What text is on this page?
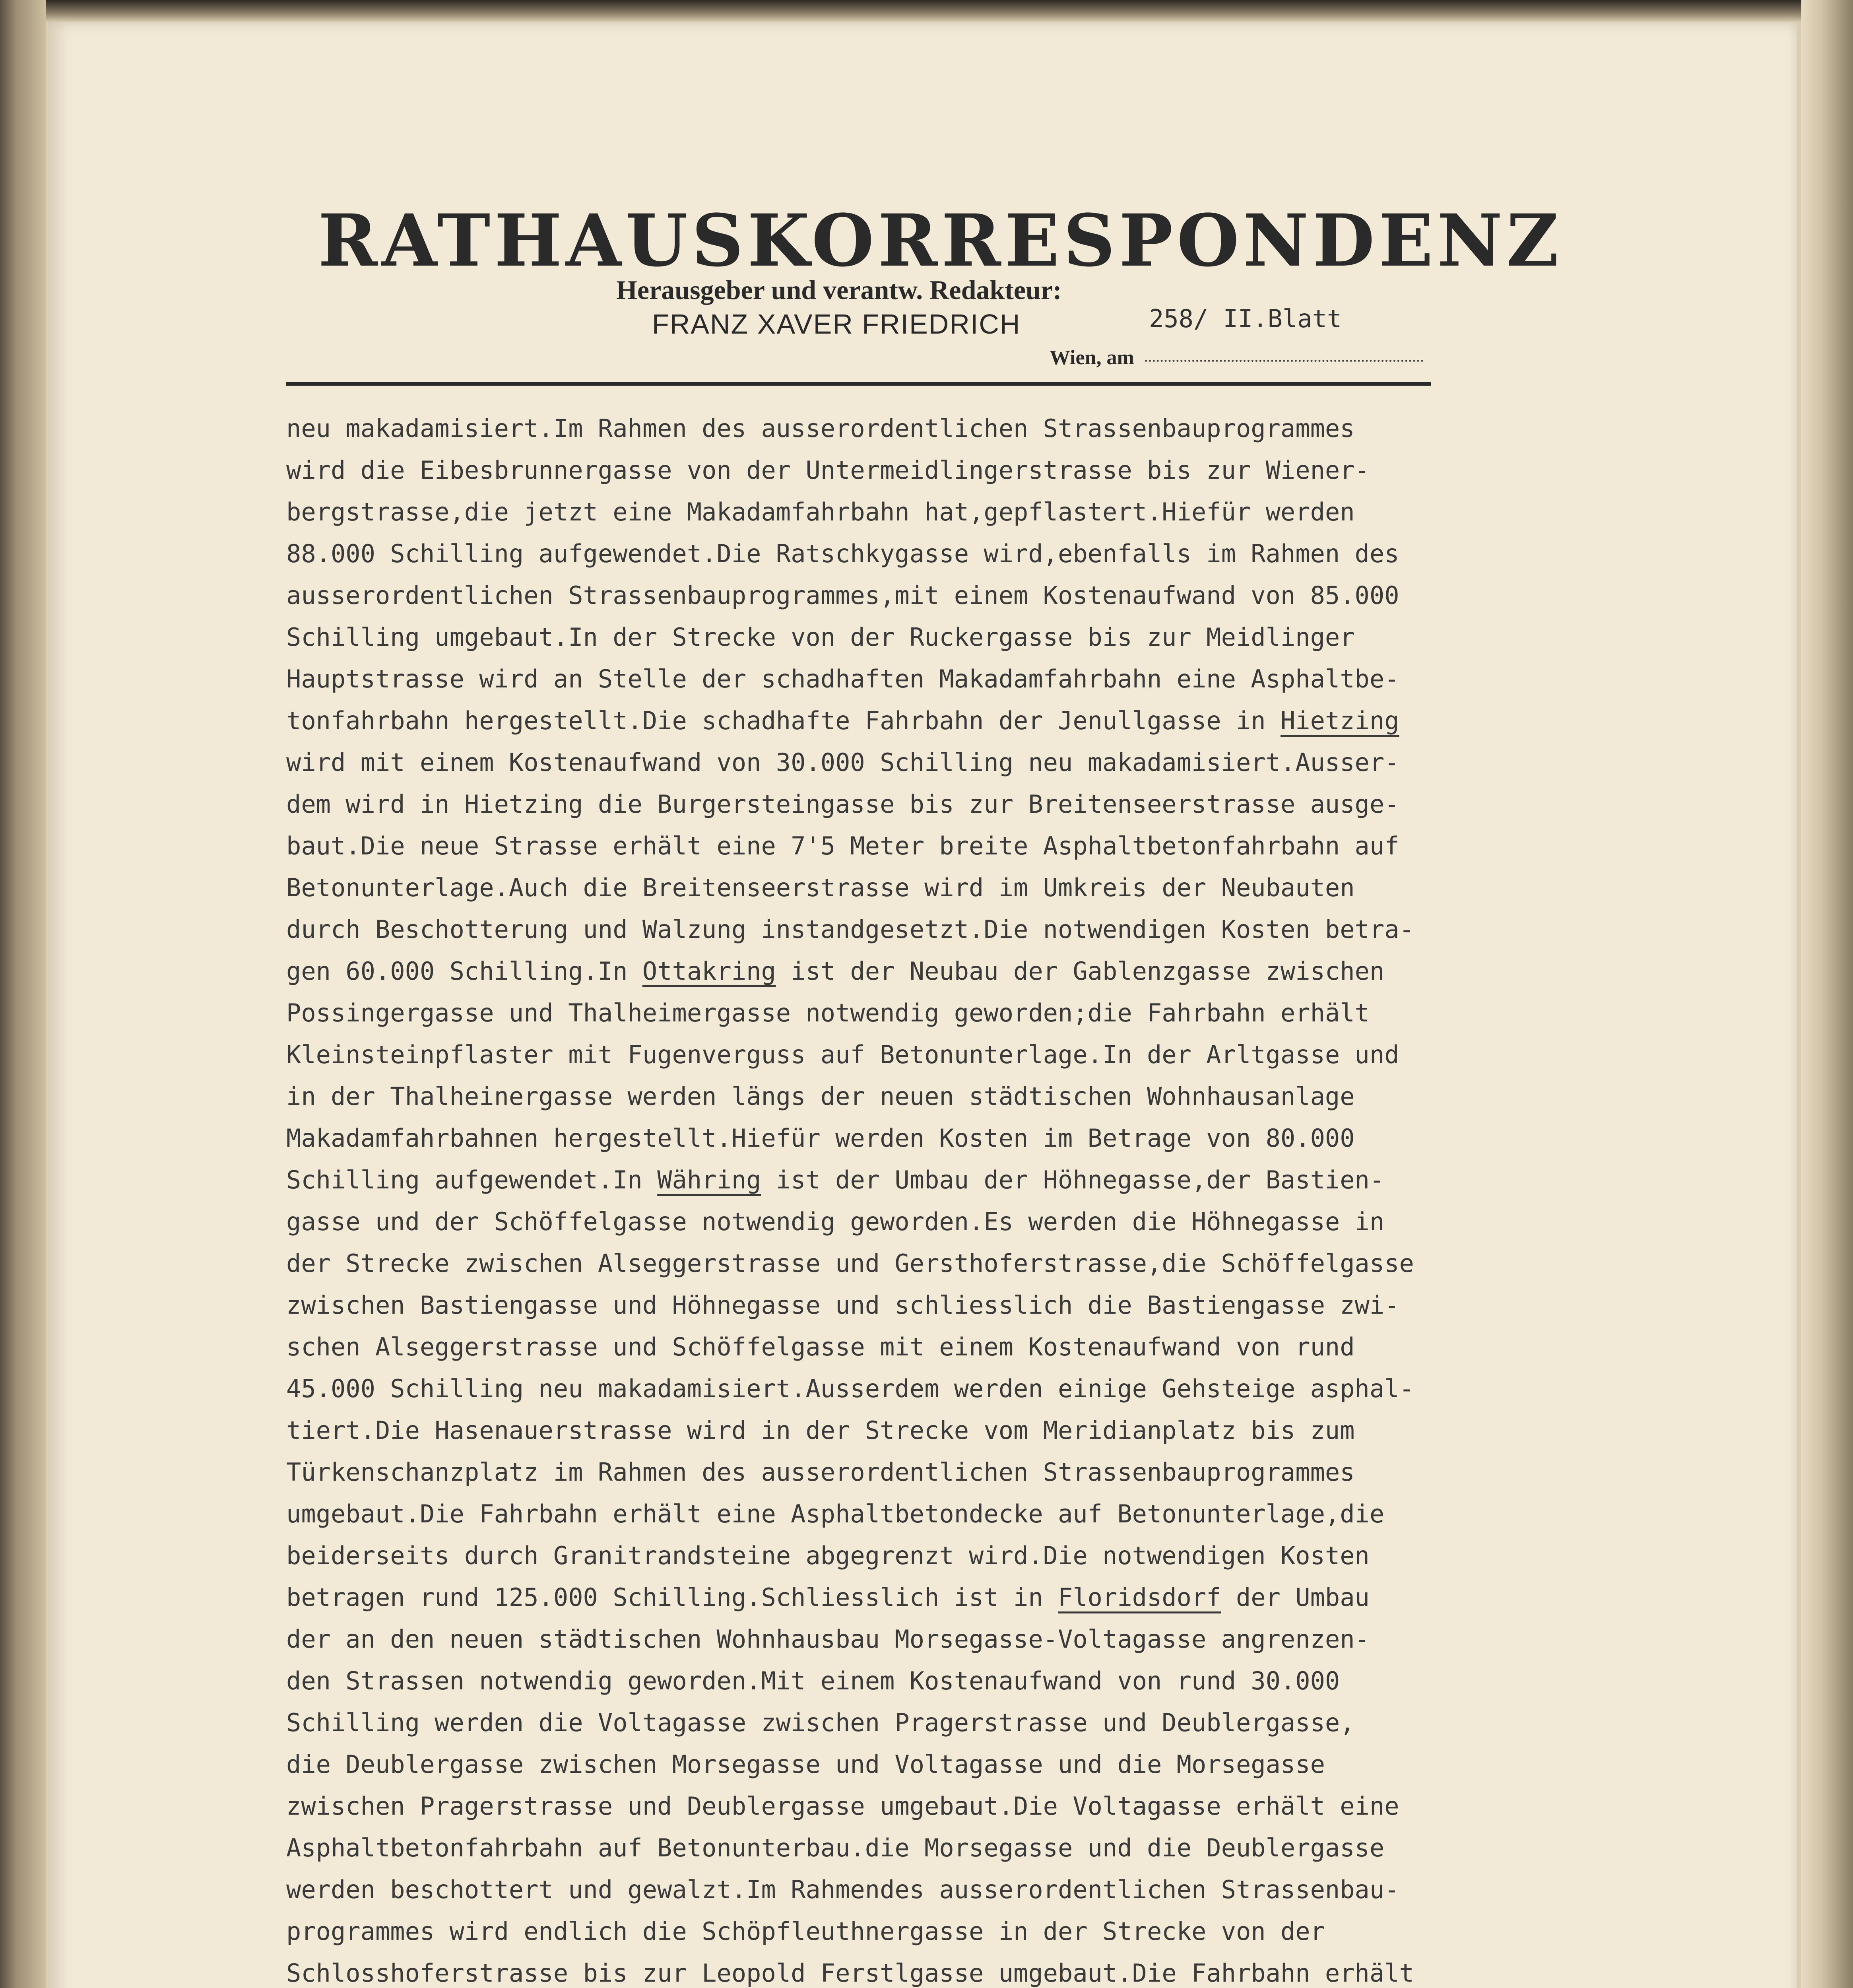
RATHAUSKORRESPONDENZ
Herausgeber und verantw. Redakteur:
FRANZ XAVER FRIEDRICH	258/ II.Blatt
Wien, am
neu makadamisiert.Im Rahmen des ausserordentlichen Strassenbauprogrammes
wird die Eibesbrunnergasse von der Untermeidlingerstrasse bis zur Wiener-
bergstrasse,die jetzt eine Makadamfahrbahn hat,gepflastert.Hiefür werden
88.000 Schilling aufgewendet.Die Ratschkygasse wird,ebenfalls im Rahmen des
ausserordentlichen Strassenbauprogrammes,mit einem Kostenaufwand von 85.000
Schilling umgebaut.In der Strecke von der Ruckergasse bis zur Meidlinger
Hauptstrasse wird an Stelle der schadhaften Makadamfahrbahn eine Asphaltbe-
tonfahrbahn hergestellt.Die schadhafte Fahrbahn der Jenullgasse in Hietzing
wird mit einem Kostenaufwand von 30.000 Schilling neu makadamisiert.Ausser-
dem wird in Hietzing die Burgersteingasse bis zur Breitenseerstrasse ausge-
baut.Die neue Strasse erhält eine 7'5 Meter breite Asphaltbetonfahrbahn auf
Betonunterlage.Auch die Breitenseerstrasse wird im Umkreis der Neubauten
durch Beschotterung und Walzung instandgesetzt.Die notwendigen Kosten betra-
gen 60.000 Schilling.In Ottakring ist der Neubau der Gablenzgasse zwischen
Possingergasse und Thalheimergasse notwendig geworden;die Fahrbahn erhält
Kleinsteinpflaster mit Fugenverguss auf Betonunterlage.In der Arltgasse und
in der Thalheinergasse werden längs der neuen städtischen Wohnhausanlage
Makadamfahrbahnen hergestellt.Hiefür werden Kosten im Betrage von 80.000
Schilling aufgewendet.In Währing ist der Umbau der Höhnegasse,der Bastien-
gasse und der Schöffelgasse notwendig geworden.Es werden die Höhnegasse in
der Strecke zwischen Alseggerstrasse und Gersthoferstrasse,die Schöffelgasse
zwischen Bastiengasse und Höhnegasse und schliesslich die Bastiengasse zwi-
schen Alseggerstrasse und Schöffelgasse mit einem Kostenaufwand von rund
45.000 Schilling neu makadamisiert.Ausserdem werden einige Gehsteige asphal-
tiert.Die Hasenauerstrasse wird in der Strecke vom Meridianplatz bis zum
Türkenschanzplatz im Rahmen des ausserordentlichen Strassenbauprogrammes
umgebaut.Die Fahrbahn erhält eine Asphaltbetondecke auf Betonunterlage,die
beiderseits durch Granitrandsteine abgegrenzt wird.Die notwendigen Kosten
betragen rund 125.000 Schilling.Schliesslich ist in Floridsdorf der Umbau
der an den neuen städtischen Wohnhausbau Morsegasse-Voltagasse angrenzen-
den Strassen notwendig geworden.Mit einem Kostenaufwand von rund 30.000
Schilling werden die Voltagasse zwischen Pragerstrasse und Deublergasse,
die Deublergasse zwischen Morsegasse und Voltagasse und die Morsegasse
zwischen Pragerstrasse und Deublergasse umgebaut.Die Voltagasse erhält eine
Asphaltbetonfahrbahn auf Betonunterbau.die Morsegasse und die Deublergasse
werden beschottert und gewalzt.Im Rahmendes ausserordentlichen Strassenbau-
programmes wird endlich die Schöpfleuthnergasse in der Strecke von der
Schlosshoferstrasse bis zur Leopold Ferstlgasse umgebaut.Die Fahrbahn erhält
